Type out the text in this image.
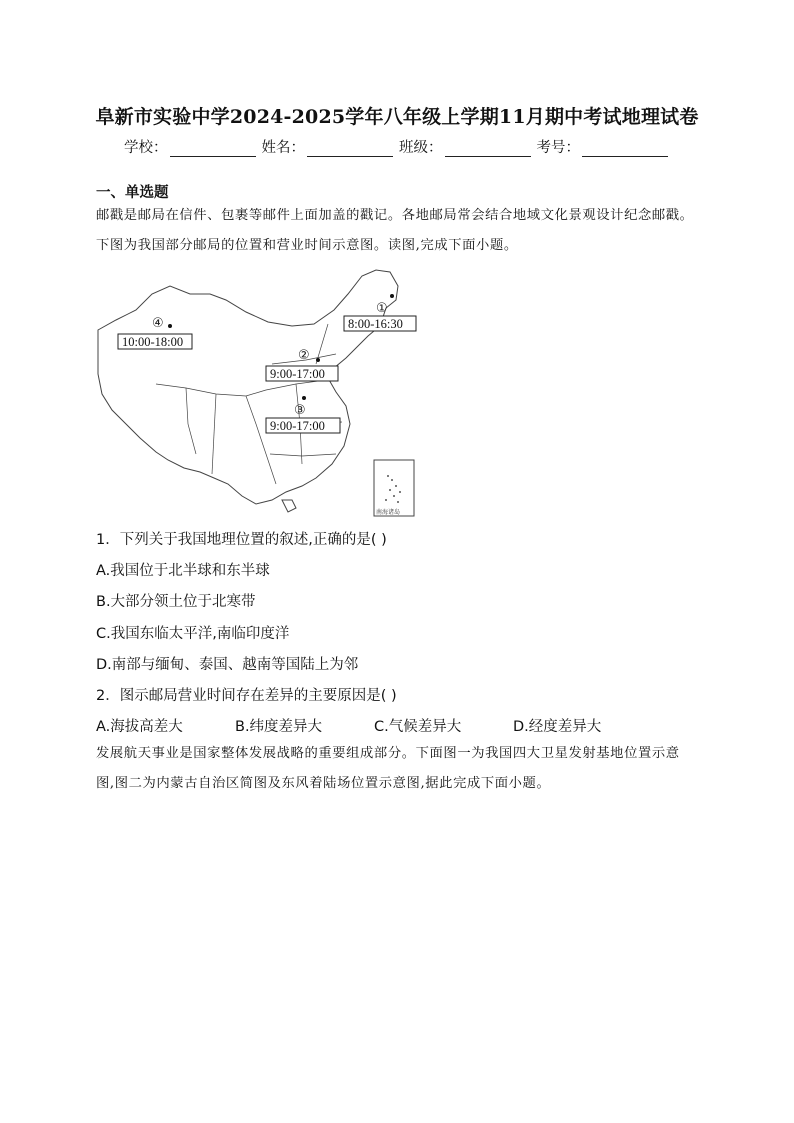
阜新市实验中学2024-2025学年八年级上学期11月期中考试地理试卷
学校：	姓名：	班级：	考号：
一、单选题
邮戳是邮局在信件、包裹等邮件上面加盖的戳记。各地邮局常会结合地域文化景观设计纪念邮戳。下图为我国部分邮局的位置和营业时间示意图。读图,完成下面小题。
南海诸岛
①
8:00-16:30
④
10:00-18:00
②
9:00-17:00
③
9:00-17:00
1．下列关于我国地理位置的叙述,正确的是( )
A.我国位于北半球和东半球
B.大部分领土位于北寒带
C.我国东临太平洋,南临印度洋
D.南部与缅甸、泰国、越南等国陆上为邻
2．图示邮局营业时间存在差异的主要原因是( )
A.海拔高差大	B.纬度差异大	C.气候差异大	D.经度差异大
发展航天事业是国家整体发展战略的重要组成部分。下面图一为我国四大卫星发射基地位置示意图,图二为内蒙古自治区简图及东风着陆场位置示意图,据此完成下面小题。
